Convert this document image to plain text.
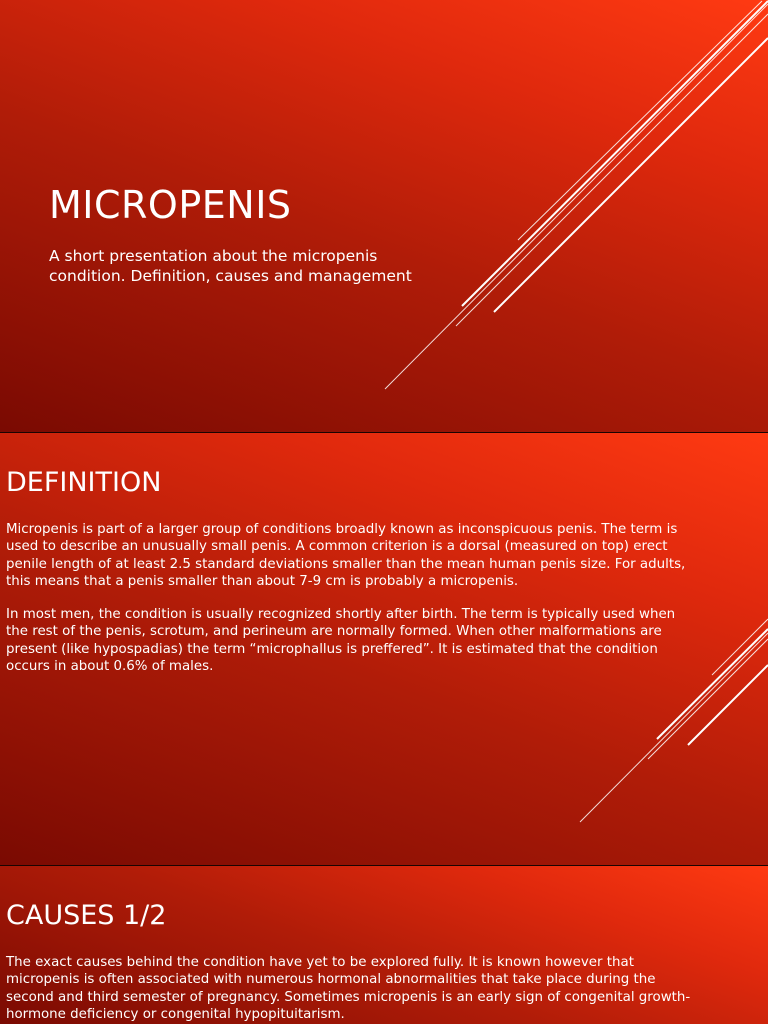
MICROPENIS

A short presentation about the micropenis condition. Definition, causes and management

DEFINITION

Micropenis is part of a larger group of conditions broadly known as inconspicuous penis. The term is used to describe an unusually small penis. A common criterion is a dorsal (measured on top) erect penile length of at least 2.5 standard deviations smaller than the mean human penis size. For adults, this means that a penis smaller than about 7-9 cm is probably a micropenis.

In most men, the condition is usually recognized shortly after birth. The term is typically used when the rest of the penis, scrotum, and perineum are normally formed. When other malformations are present (like hypospadias) the term “microphallus is preffered”. It is estimated that the condition occurs in about 0.6% of males.

CAUSES 1/2

The exact causes behind the condition have yet to be explored fully. It is known however that micropenis is often associated with numerous hormonal abnormalities that take place during the second and third semester of pregnancy. Sometimes micropenis is an early sign of congenital growth-hormone deficiency or congenital hypopituitarism.
